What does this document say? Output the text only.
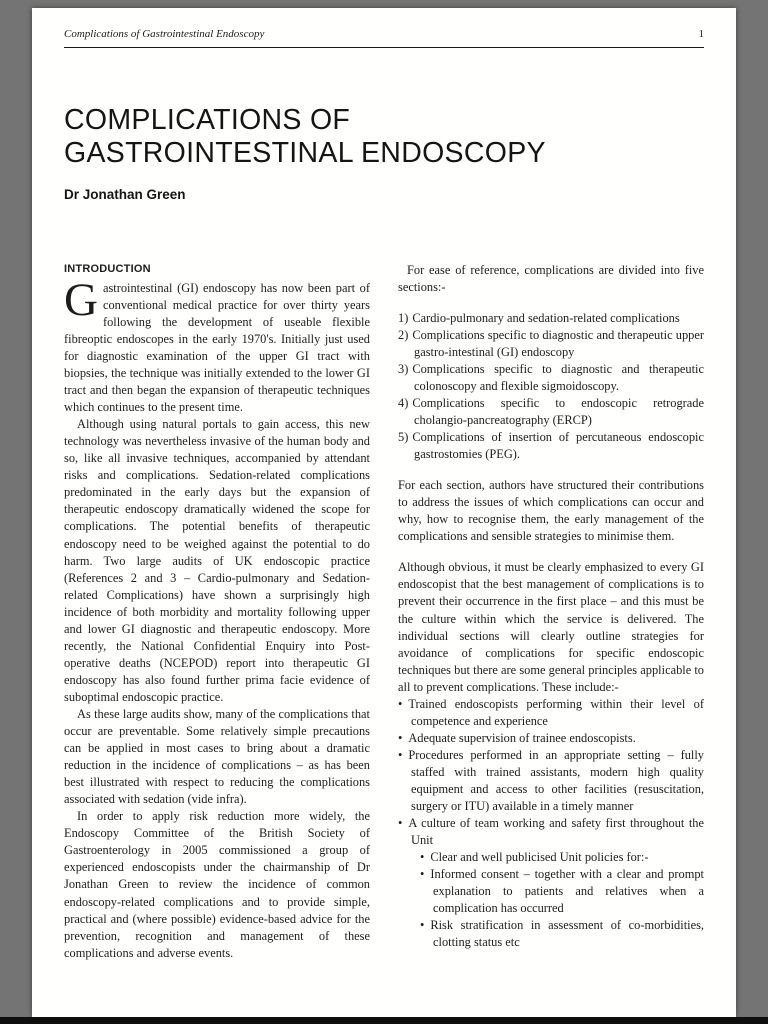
Complications of Gastrointestinal Endoscopy	1
COMPLICATIONS OF
GASTROINTESTINAL ENDOSCOPY
Dr Jonathan Green
INTRODUCTION

Gastrointestinal (GI) endoscopy has now been part of conventional medical practice for over thirty years following the development of useable flexible fibreoptic endoscopes in the early 1970's. Initially just used for diagnostic examination of the upper GI tract with biopsies, the technique was initially extended to the lower GI tract and then began the expansion of therapeutic techniques which continues to the present time.

Although using natural portals to gain access, this new technology was nevertheless invasive of the human body and so, like all invasive techniques, accompanied by attendant risks and complications. Sedation-related complications predominated in the early days but the expansion of therapeutic endoscopy dramatically widened the scope for complications. The potential benefits of therapeutic endoscopy need to be weighed against the potential to do harm. Two large audits of UK endoscopic practice (References 2 and 3 – Cardio-pulmonary and Sedation-related Complications) have shown a surprisingly high incidence of both morbidity and mortality following upper and lower GI diagnostic and therapeutic endoscopy. More recently, the National Confidential Enquiry into Post-operative deaths (NCEPOD) report into therapeutic GI endoscopy has also found further prima facie evidence of suboptimal endoscopic practice.

As these large audits show, many of the complications that occur are preventable. Some relatively simple precautions can be applied in most cases to bring about a dramatic reduction in the incidence of complications – as has been best illustrated with respect to reducing the complications associated with sedation (vide infra).

In order to apply risk reduction more widely, the Endoscopy Committee of the British Society of Gastroenterology in 2005 commissioned a group of experienced endoscopists under the chairmanship of Dr Jonathan Green to review the incidence of common endoscopy-related complications and to provide simple, practical and (where possible) evidence-based advice for the prevention, recognition and management of these complications and adverse events.

For ease of reference, complications are divided into five sections:-

1) Cardio-pulmonary and sedation-related complications

2) Complications specific to diagnostic and therapeutic upper gastro-intestinal (GI) endoscopy

3) Complications specific to diagnostic and therapeutic colonoscopy and flexible sigmoidoscopy.

4) Complications specific to endoscopic retrograde cholangio-pancreatography (ERCP)

5) Complications of insertion of percutaneous endoscopic gastrostomies (PEG).

For each section, authors have structured their contributions to address the issues of which complications can occur and why, how to recognise them, the early management of the complications and sensible strategies to minimise them.

Although obvious, it must be clearly emphasized to every GI endoscopist that the best management of complications is to prevent their occurrence in the first place – and this must be the culture within which the service is delivered. The individual sections will clearly outline strategies for avoidance of complications for specific endoscopic techniques but there are some general principles applicable to all to prevent complications. These include:-

• Trained endoscopists performing within their level of competence and experience

• Adequate supervision of trainee endoscopists.

• Procedures performed in an appropriate setting – fully staffed with trained assistants, modern high quality equipment and access to other facilities (resuscitation, surgery or ITU) available in a timely manner

• A culture of team working and safety first throughout the Unit

• Clear and well publicised Unit policies for:-

• Informed consent – together with a clear and prompt explanation to patients and relatives when a complication has occurred

• Risk stratification in assessment of co-morbidities, clotting status etc
